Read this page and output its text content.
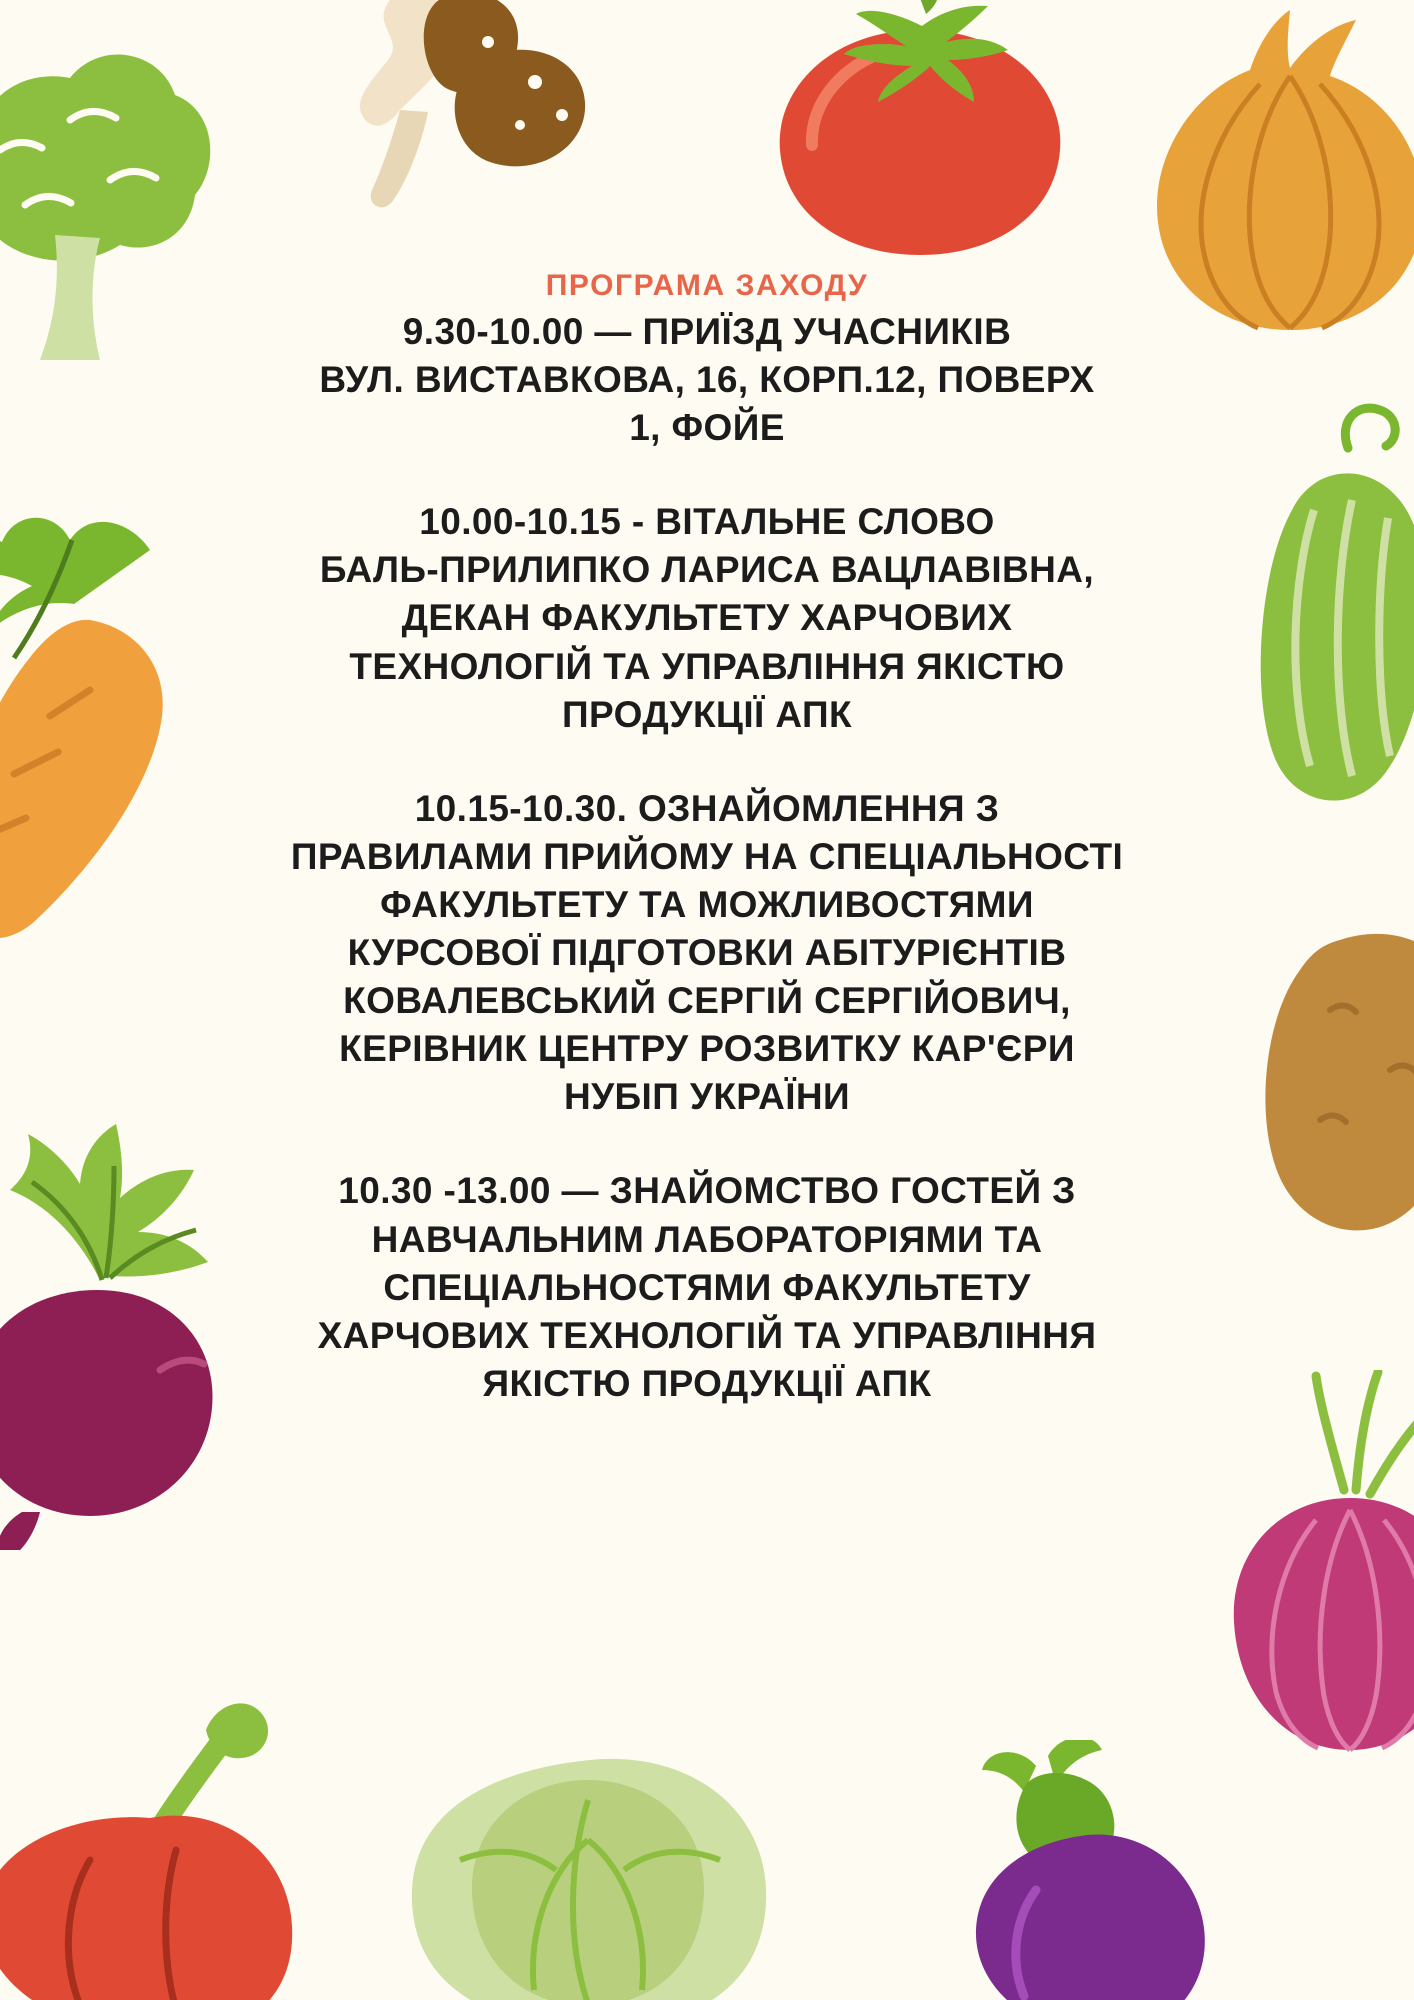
ПРОГРАМА ЗАХОДУ

9.30-10.00 — ПРИЇЗД УЧАСНИКІВ

ВУЛ. ВИСТАВКОВА, 16, КОРП.12, ПОВЕРХ

1, ФОЙЕ

10.00-10.15 - ВІТАЛЬНЕ СЛОВО

БАЛЬ-ПРИЛИПКО ЛАРИСА ВАЦЛАВІВНА,

ДЕКАН ФАКУЛЬТЕТУ ХАРЧОВИХ

ТЕХНОЛОГІЙ ТА УПРАВЛІННЯ ЯКІСТЮ

ПРОДУКЦІЇ АПК

10.15-10.30. ОЗНАЙОМЛЕННЯ З

ПРАВИЛАМИ ПРИЙОМУ НА СПЕЦІАЛЬНОСТІ

ФАКУЛЬТЕТУ ТА МОЖЛИВОСТЯМИ

КУРСОВОЇ ПІДГОТОВКИ АБІТУРІЄНТІВ

КОВАЛЕВСЬКИЙ СЕРГІЙ СЕРГІЙОВИЧ,

КЕРІВНИК ЦЕНТРУ РОЗВИТКУ КАР'ЄРИ

НУБІП УКРАЇНИ

10.30 -13.00 — ЗНАЙОМСТВО ГОСТЕЙ З

НАВЧАЛЬНИМ ЛАБОРАТОРІЯМИ ТА

СПЕЦІАЛЬНОСТЯМИ ФАКУЛЬТЕТУ

ХАРЧОВИХ ТЕХНОЛОГІЙ ТА УПРАВЛІННЯ

ЯКІСТЮ ПРОДУКЦІЇ АПК
